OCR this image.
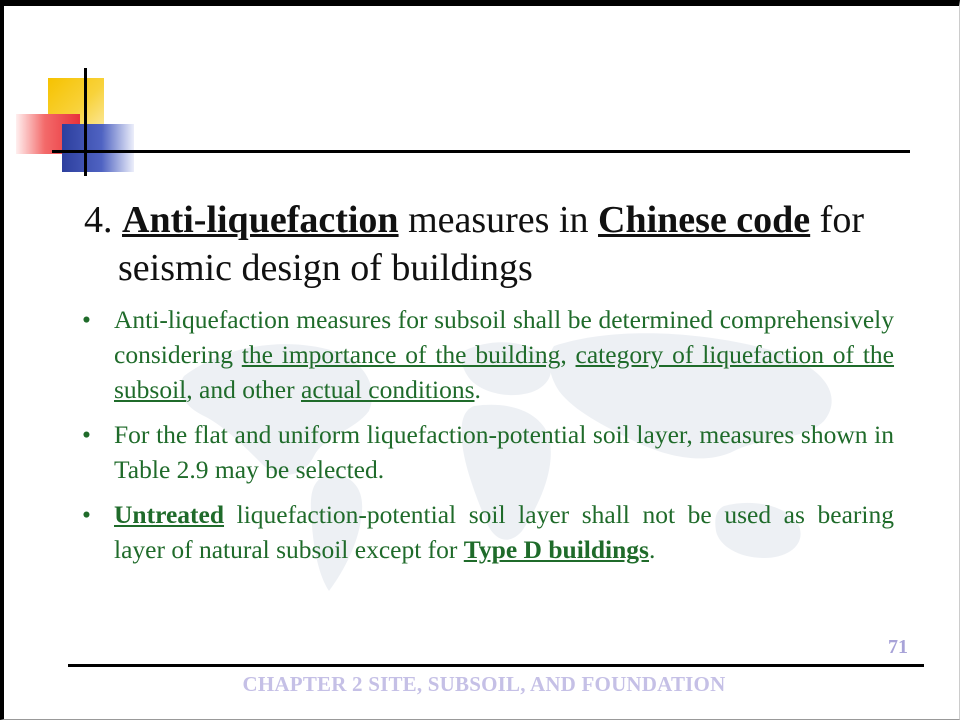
4. Anti-liquefaction measures in Chinese code for seismic design of buildings
• Anti-liquefaction measures for subsoil shall be determined comprehensively considering the importance of the building, category of liquefaction of the subsoil, and other actual conditions.
• For the flat and uniform liquefaction-potential soil layer, measures shown in Table 2.9 may be selected.
• Untreated liquefaction-potential soil layer shall not be used as bearing layer of natural subsoil except for Type D buildings.
71
CHAPTER 2 SITE, SUBSOIL, AND FOUNDATION
